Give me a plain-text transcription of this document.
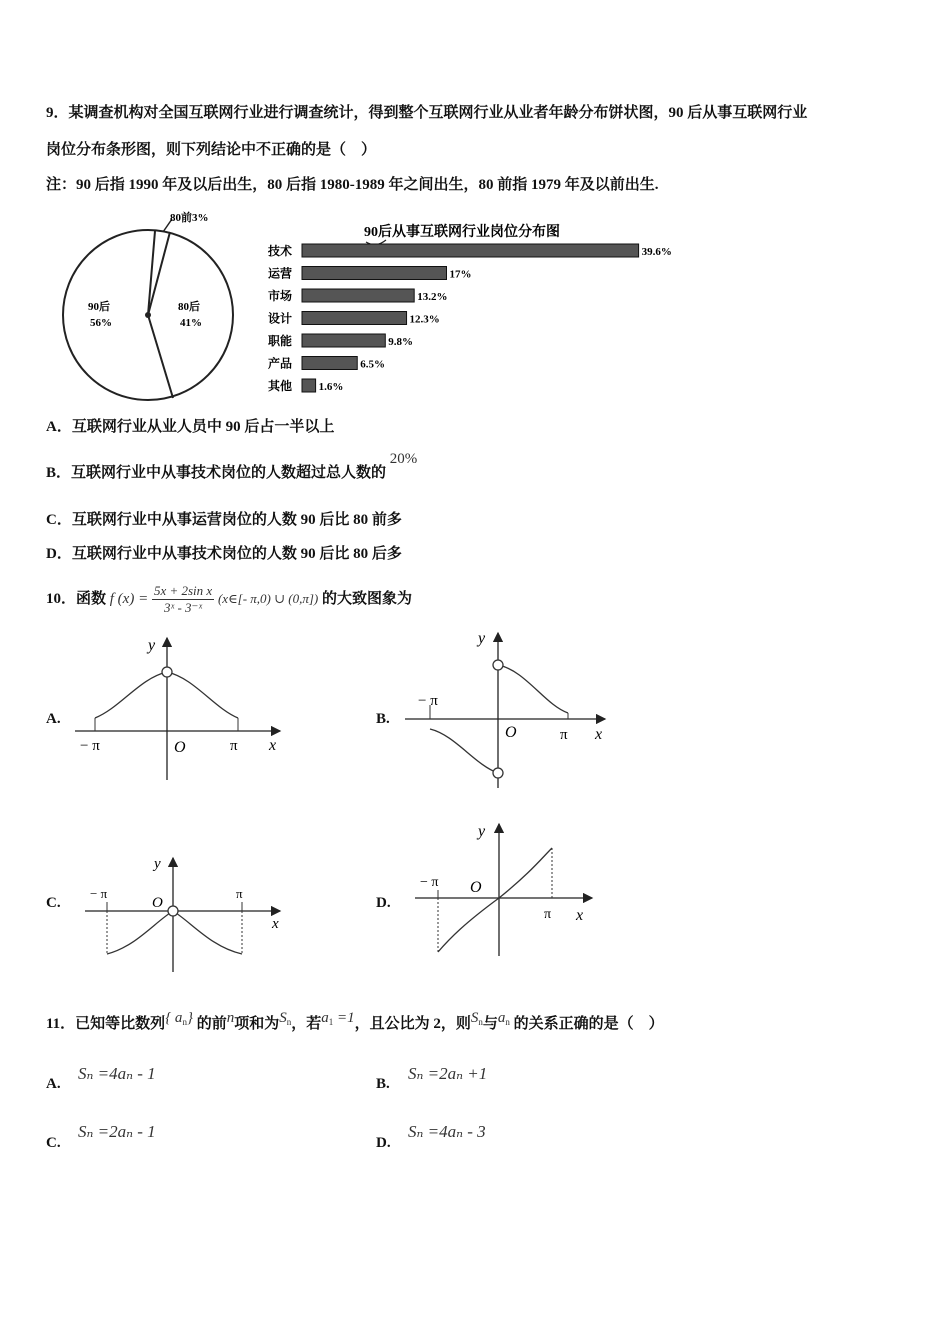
9．某调查机构对全国互联网行业进行调查统计，得到整个互联网行业从业者年龄分布饼状图，90 后从事互联网行业
岗位分布条形图，则下列结论中不正确的是（　）
注：90 后指 1990 年及以后出生，80 后指 1980-1989 年之间出生，80 前指 1979 年及以前出生.
80前3%
90后
56%
80后
41%
90后从事互联网行业岗位分布图
技术	39.6%
运营	17%
市场	13.2%
设计	12.3%
职能	9.8%
产品	6.5%
其他 1.6%
A．互联网行业从业人员中 90 后占一半以上
B．互联网行业中从事技术岗位的人数超过总人数的 20%
C．互联网行业中从事运营岗位的人数 90 后比 80 前多
D．互联网行业中从事技术岗位的人数 90 后比 80 后多
10．函数 f $(x) = \frac{\text{5x + 2sin x}}{\text{3ˣ - 3⁻ˣ}}$ (x∈[- π,0) ∪ (0,π]) 的大致图象为
A.
y
O
− π	π x
B.
y
O
− π
π x
C.
y
O
− π	π
x
D.
y
O
− π
π x
11．已知等比数列{ $a_n$} 的前n项和为$S_n$，若$a_1 =1$，且公比为 2，则$S_n$与$a_n$ 的关系正确的是（　）
A.
Sₙ =4aₙ - 1
B.
Sₙ =2aₙ +1
C.
Sₙ =2aₙ - 1
D.
Sₙ =4aₙ - 3
